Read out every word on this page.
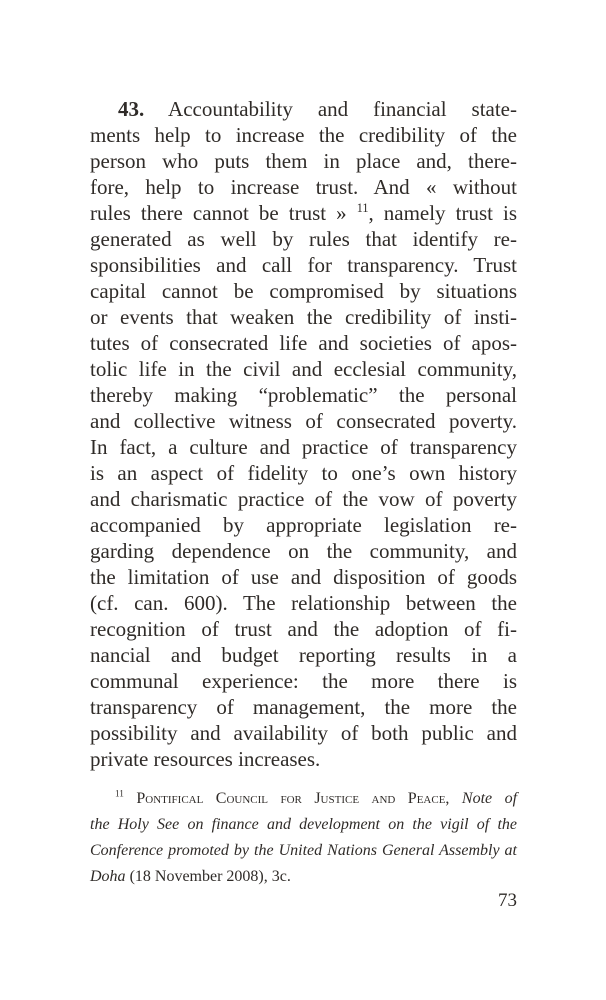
43. Accountability and financial state-
ments help to increase the credibility of the
person who puts them in place and, there-
fore, help to increase trust. And « without
rules there cannot be trust » $^{11}$, namely trust is
generated as well by rules that identify re-
sponsibilities and call for transparency. Trust
capital cannot be compromised by situations
or events that weaken the credibility of insti-
tutes of consecrated life and societies of apos-
tolic life in the civil and ecclesial community,
thereby making “problematic” the personal
and collective witness of consecrated poverty.
In fact, a culture and practice of transparency
is an aspect of fidelity to one’s own history
and charismatic practice of the vow of poverty
accompanied by appropriate legislation re-
garding dependence on the community, and
the limitation of use and disposition of goods
(cf. can. 600). The relationship between the
recognition of trust and the adoption of fi-
nancial and budget reporting results in a
communal experience: the more there is
transparency of management, the more the
possibility and availability of both public and
private resources increases.
$^{11}$ Pontifical Council for Justice and Peace, Note of
the Holy See on finance and development on the vigil of the
Conference promoted by the United Nations General Assembly at
Doha (18 November 2008), 3c.
73
